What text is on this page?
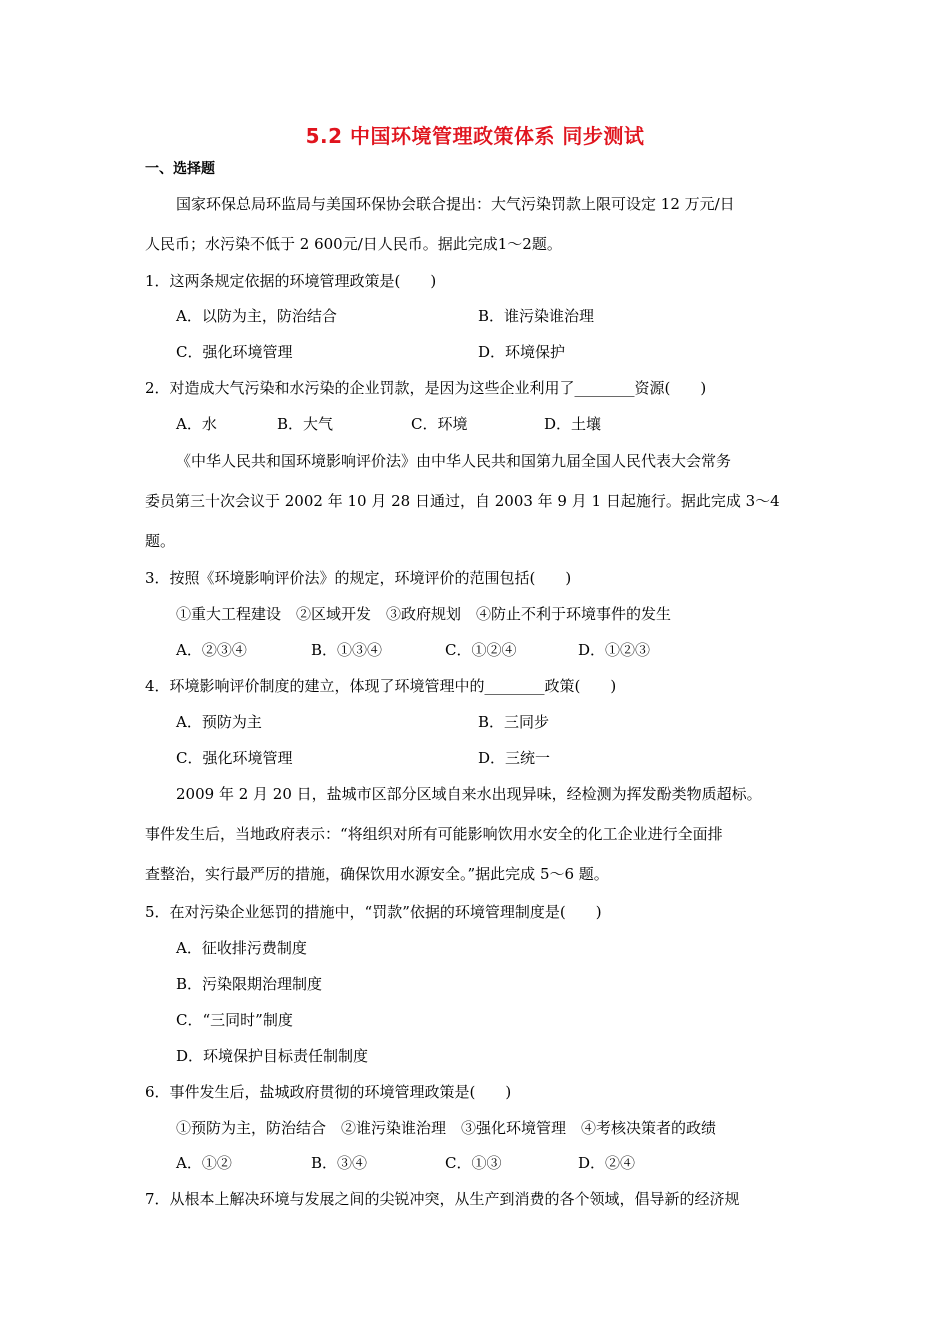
5.2 中国环境管理政策体系 同步测试
一、选择题
国家环保总局环监局与美国环保协会联合提出：大气污染罚款上限可设定 12 万元/日
人民币；水污染不低于 2 600元/日人民币。据此完成1～2题。
1．这两条规定依据的环境管理政策是(　　)
A．以防为主，防治结合	B．谁污染谁治理
C．强化环境管理	D．环境保护
2．对造成大气污染和水污染的企业罚款，是因为这些企业利用了________资源(　　)
A．水	B．大气	C．环境	D．土壤
《中华人民共和国环境影响评价法》由中华人民共和国第九届全国人民代表大会常务
委员第三十次会议于 2002 年 10 月 28 日通过，自 2003 年 9 月 1 日起施行。据此完成 3～4
题。
3．按照《环境影响评价法》的规定，环境评价的范围包括(　　)
①重大工程建设　②区域开发　③政府规划　④防止不利于环境事件的发生
A．②③④	B．①③④	C．①②④	D．①②③
4．环境影响评价制度的建立，体现了环境管理中的________政策(　　)
A．预防为主	B．三同步
C．强化环境管理	D．三统一
2009 年 2 月 20 日，盐城市区部分区域自来水出现异味，经检测为挥发酚类物质超标。
事件发生后，当地政府表示：“将组织对所有可能影响饮用水安全的化工企业进行全面排
查整治，实行最严厉的措施，确保饮用水源安全。”据此完成 5～6 题。
5．在对污染企业惩罚的措施中，“罚款”依据的环境管理制度是(　　)
A．征收排污费制度
B．污染限期治理制度
C．“三同时”制度
D．环境保护目标责任制制度
6．事件发生后，盐城政府贯彻的环境管理政策是(　　)
①预防为主，防治结合　②谁污染谁治理　③强化环境管理　④考核决策者的政绩
A．①②	B．③④	C．①③	D．②④
7．从根本上解决环境与发展之间的尖锐冲突，从生产到消费的各个领域，倡导新的经济规
